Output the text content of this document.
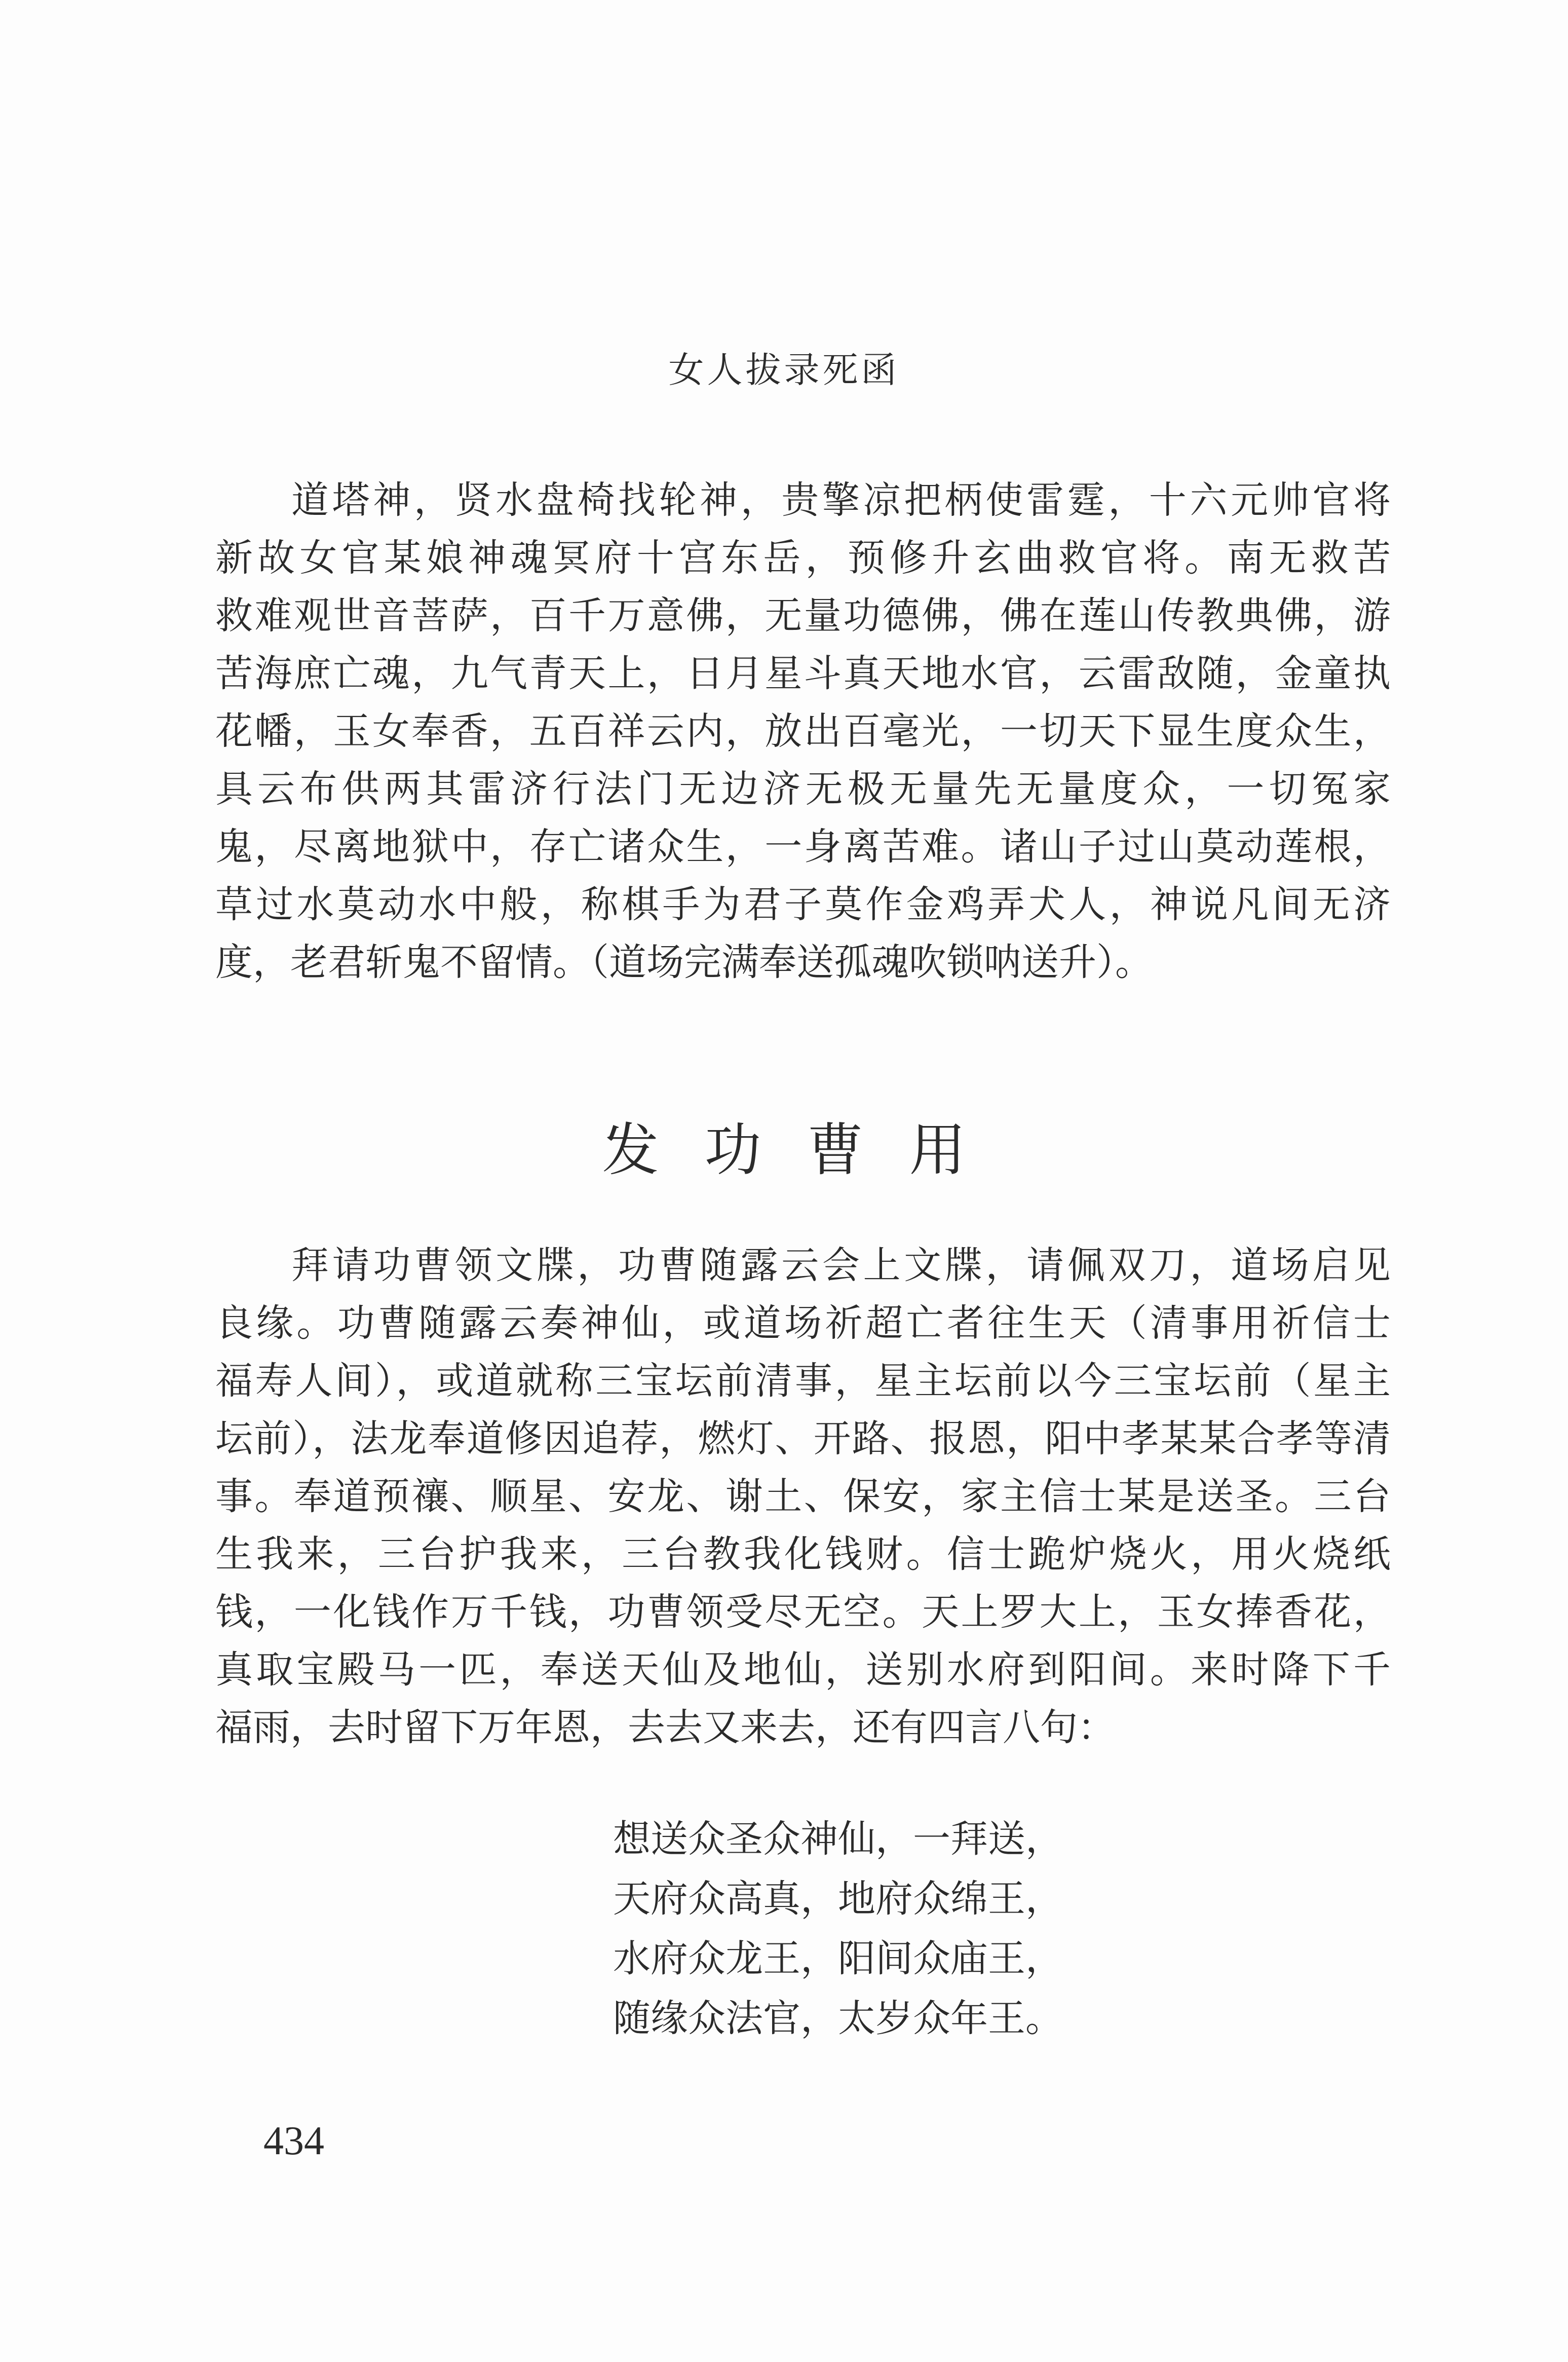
女人拔录死函
道塔神，贤水盘椅找轮神，贵擎凉把柄使雷霆，十六元帅官将
新故女官某娘神魂冥府十宫东岳，预修升玄曲救官将。南无救苦
救难观世音菩萨，百千万意佛，无量功德佛，佛在莲山传教典佛，游
苦海庶亡魂，九气青天上，日月星斗真天地水官，云雷敌随，金童执
花幡，玉女奉香，五百祥云内，放出百毫光，一切天下显生度众生，
具云布供两其雷济行法门无边济无极无量先无量度众，一切冤家
鬼，尽离地狱中，存亡诸众生，一身离苦难。诸山子过山莫动莲根，
草过水莫动水中般，称棋手为君子莫作金鸡弄犬人，神说凡间无济
度，老君斩鬼不留情。（道场完满奉送孤魂吹锁呐送升）。
发功曹用
拜请功曹领文牒，功曹随露云会上文牒，请佩双刀，道场启见
良缘。功曹随露云奏神仙，或道场祈超亡者往生天（清事用祈信士
福寿人间），或道就称三宝坛前清事，星主坛前以今三宝坛前（星主
坛前），法龙奉道修因追荐，燃灯、开路、报恩，阳中孝某某合孝等清
事。奉道预禳、顺星、安龙、谢土、保安，家主信士某是送圣。三台
生我来，三台护我来，三台教我化钱财。信士跪炉烧火，用火烧纸
钱，一化钱作万千钱，功曹领受尽无空。天上罗大上，玉女捧香花，
真取宝殿马一匹，奉送天仙及地仙，送别水府到阳间。来时降下千
福雨，去时留下万年恩，去去又来去，还有四言八句：
想送众圣众神仙，一拜送，
天府众高真，地府众绵王，
水府众龙王，阳间众庙王，
随缘众法官，太岁众年王。
434
